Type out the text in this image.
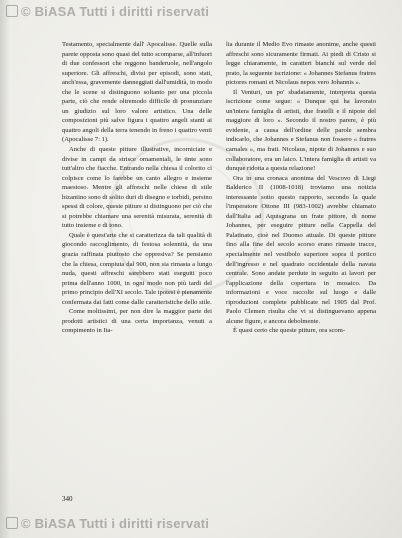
© BiASA Tutti i diritti riservati

Testamento, specialmente dall' Apocalisse. Quelle sulla parete opposta sono quasi del tutto scomparse, all'infuori di due confessori che reggono banderuole, nell'angolo superiore. Gli affreschi, divisi per episodi, sono stati, anch'essa, gravemente danneggiati dall'umidità, in modo che le scene si distinguono soltanto per una piccola parte, ciò che rende oltremodo difficile di pronunziare un giudizio sul loro valore artistico. Una delle composizioni più salve figura i quattro angeli stanti ai quattro angoli della terra tenendo in freno i quattro venti (Apocalisse 7: 1).

Anche di queste pitture illustrative, incorniciate e divise in campi da strisce ornamentali, le tinte sono tutt'altro che fiacche. Entrando nella chiesa il colorito ci colpisce come lo farebbe un canto allegro e insieme maestoso. Mentre gli affreschi nelle chiese di stile bizantino sono di solito duri di disegno e torbidi, persino spessi di colore, queste pitture si distinguono per ciò che si potrebbe chiamare una serenità misurata, serenità di tutto insieme e di tono.

Quale è quest'arte che si caratterizza da tali qualità di giocondo raccoglimento, di festosa solennità, da una grazia raffinata piuttosto che oppresiva? Se pensiamo che la chiesa, compiuta dal 900, non sia rimasta a lungo nuda, questi affreschi sarebbero stati eseguiti poco prima dell'anno 1000, in ogni modo non più tardi del primo principio dell'XI secolo. Tale ipotesi è pienamente confermata dai fatti come dalle caratteristiche dello stile.

Come moltissimi, per non dire la maggior parte dei prodotti artistici di una certa importanza, venuti a compimento in Ita-

lia durante il Medio Evo rimaste anonime, anche questi affreschi sono sicuramente firmati. Ai piedi di Cristo si legge chiaramente, in caratteri bianchi sul verde del prato, la seguente iscrizione: « Johannes Stefanus fratres pictores romani et Nicolaus nepos vero Johannis ».

Il Venturi, un po' sbadatamente, interpreta questa iscrizione come segue: « Dunque qui ha lavorato un'intera famiglia di artisti, due fratelli e il nipote del maggiore di loro ». Secondo il nostro parere, è più evidente, a causa dell'ordine delle parole sembra indicarlo, che Johannes e Stefanus non fossero « fratres carnales », ma frati. Nicolaus, nipote di Johannes e suo collaboratore, era un laico. L'intera famiglia di artisti va dunque ridotta a questa relazione!

Ora in una cronaca anonima del Vescovo di Liegi Balderico II (1008-1018) troviamo una notizia interessante sotto questo rapporto, secondo la quale l'imperatore Ottone III (983-1002) avrebbe chiamato dall'Italia ad Aquisgrana un frate pittore, di nome Johannes, per eseguire pitture nella Cappella del Palatinato, cioè nel Duomo attuale. Di queste pitture fino alla fine del secolo scorso erano rimaste tracce, specialmente nel vestibolo superiore sopra il portico dell'ingresso e nel quadrato occidentale della navata centrale. Sono andate perdute in seguito ai lavori per l'applicazione della copertura in mosaico. Da informazioni e voce raccolte sul luogo e dalle riproduzioni complete pubblicate nel 1905 dal Prof. Paolo Clemen risulta che vi si distinguevano appena alcune figure, e ancora debolmente.

È quasi certo che queste pitture, ora scom-

340
© BiASA Tutti i diritti riservati
